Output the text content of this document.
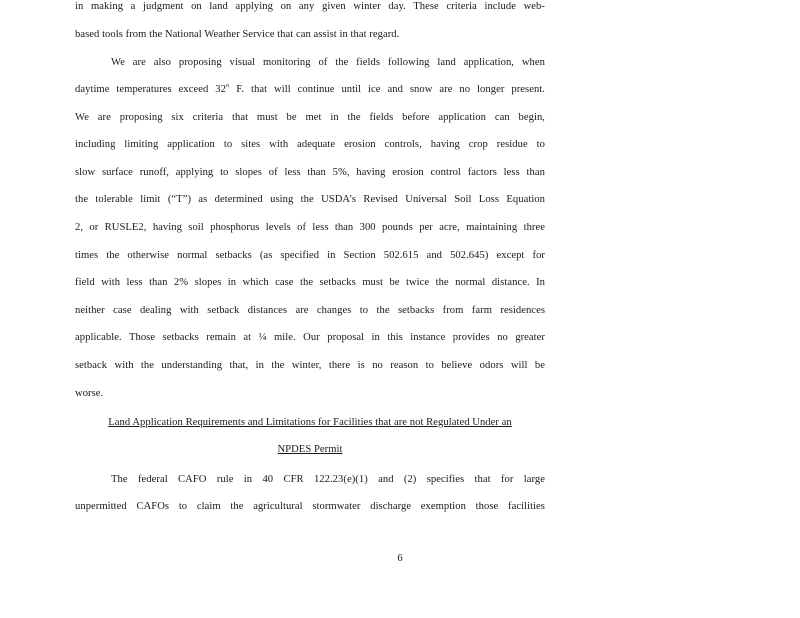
in making a judgment on land applying on any given winter day. These criteria include web-
based tools from the National Weather Service that can assist in that regard.
We are also proposing visual monitoring of the fields following land application, when
daytime temperatures exceed 32$^o$ F. that will continue until ice and snow are no longer present.
We are proposing six criteria that must be met in the fields before application can begin,
including limiting application to sites with adequate erosion controls, having crop residue to
slow surface runoff, applying to slopes of less than 5%, having erosion control factors less than
the tolerable limit (“T”) as determined using the USDA’s Revised Universal Soil Loss Equation
2, or RUSLE2, having soil phosphorus levels of less than 300 pounds per acre, maintaining three
times the otherwise normal setbacks (as specified in Section 502.615 and 502.645) except for
field with less than 2% slopes in which case the setbacks must be twice the normal distance. In
neither case dealing with setback distances are changes to the setbacks from farm residences
applicable. Those setbacks remain at ¼ mile. Our proposal in this instance provides no greater
setback with the understanding that, in the winter, there is no reason to believe odors will be
worse.
Land Application Requirements and Limitations for Facilities that are not Regulated Under an
NPDES Permit
The federal CAFO rule in 40 CFR 122.23(e)(1) and (2) specifies that for large
unpermitted CAFOs to claim the agricultural stormwater discharge exemption those facilities
6
